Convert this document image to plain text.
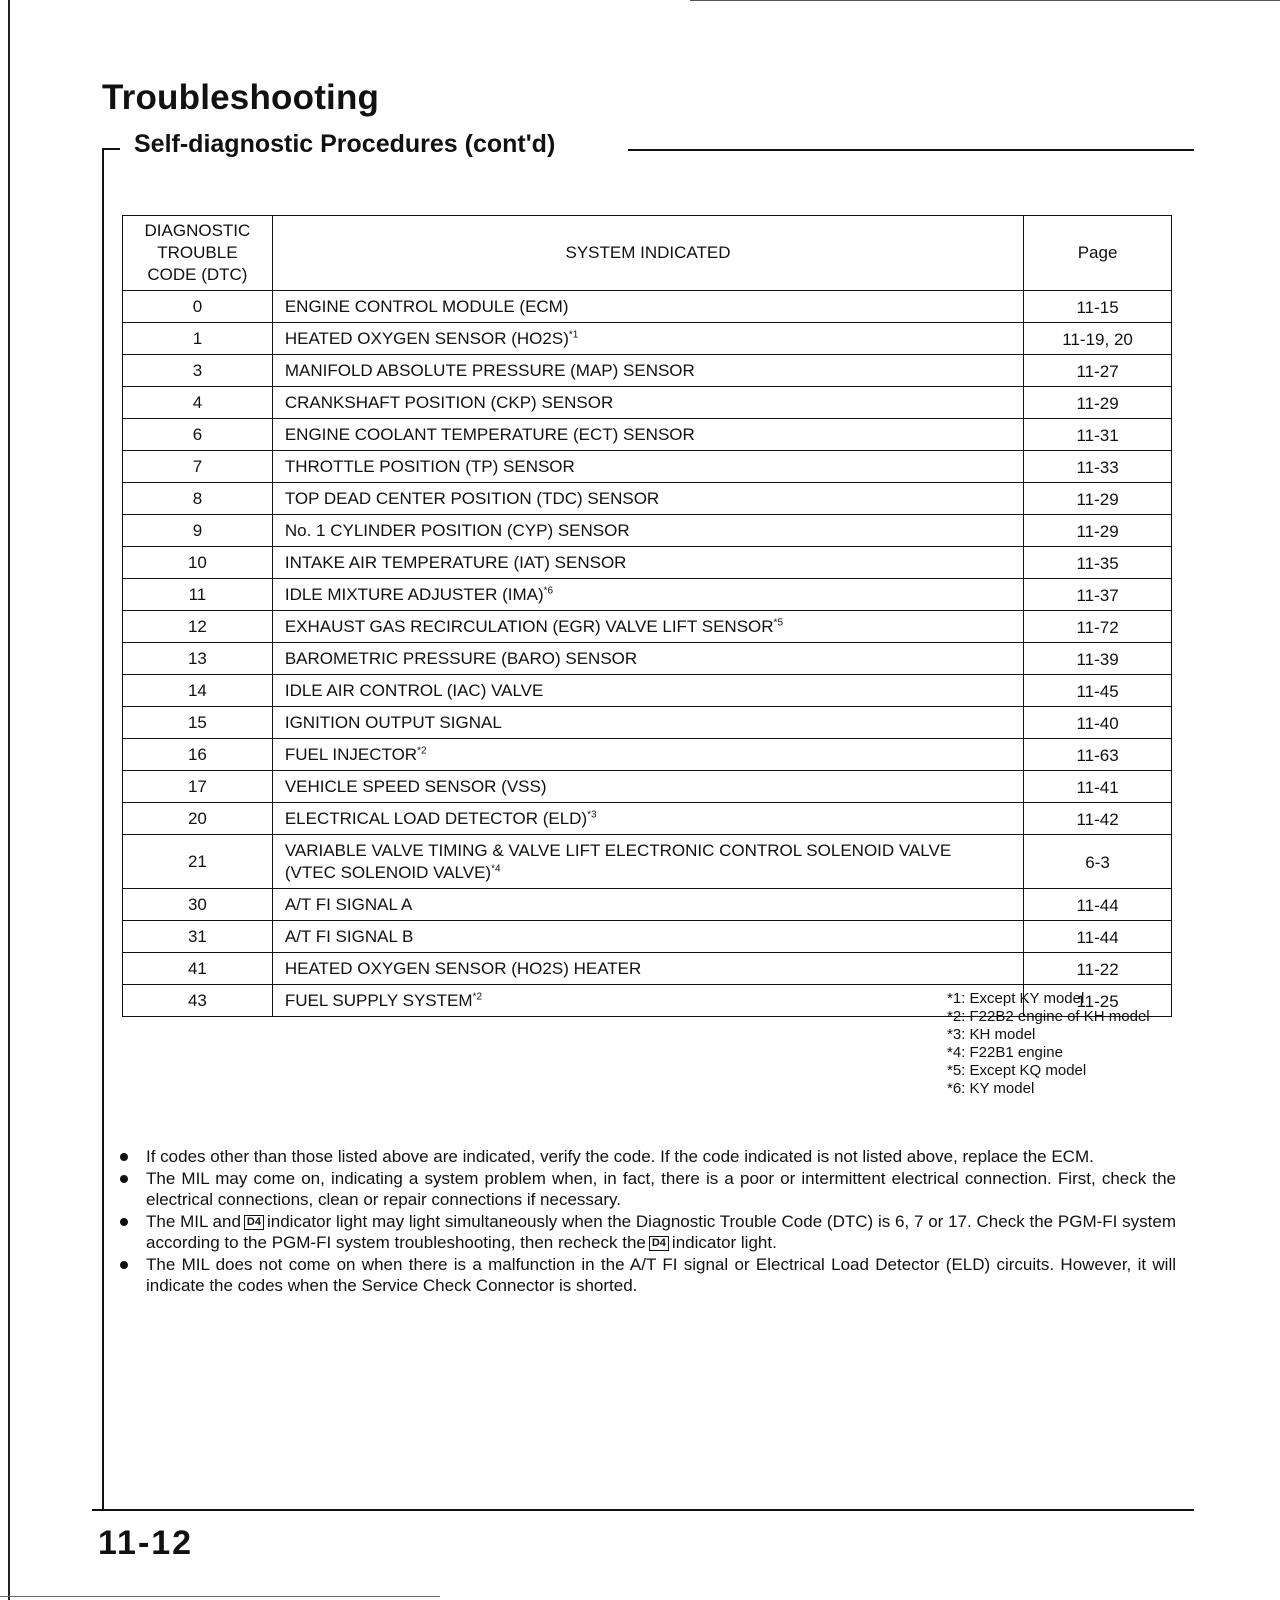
Troubleshooting
Self-diagnostic Procedures (cont'd)
DIAGNOSTIC
TROUBLE
CODE (DTC)	SYSTEM INDICATED	Page
0	ENGINE CONTROL MODULE (ECM)	11-15
1	HEATED OXYGEN SENSOR (HO2S)$^{*1}$	11-19, 20
3	MANIFOLD ABSOLUTE PRESSURE (MAP) SENSOR	11-27
4	CRANKSHAFT POSITION (CKP) SENSOR	11-29
6	ENGINE COOLANT TEMPERATURE (ECT) SENSOR	11-31
7	THROTTLE POSITION (TP) SENSOR	11-33
8	TOP DEAD CENTER POSITION (TDC) SENSOR	11-29
9	No. 1 CYLINDER POSITION (CYP) SENSOR	11-29
10	INTAKE AIR TEMPERATURE (IAT) SENSOR	11-35
11	IDLE MIXTURE ADJUSTER (IMA)$^{*6}$	11-37
12	EXHAUST GAS RECIRCULATION (EGR) VALVE LIFT SENSOR$^{*5}$	11-72
13	BAROMETRIC PRESSURE (BARO) SENSOR	11-39
14	IDLE AIR CONTROL (IAC) VALVE	11-45
15	IGNITION OUTPUT SIGNAL	11-40
16	FUEL INJECTOR$^{*2}$	11-63
17	VEHICLE SPEED SENSOR (VSS)	11-41
20	ELECTRICAL LOAD DETECTOR (ELD)$^{*3}$	11-42
21	VARIABLE VALVE TIMING & VALVE LIFT ELECTRONIC CONTROL SOLENOID VALVE
(VTEC SOLENOID VALVE)$^{*4}$	6-3
30	A/T FI SIGNAL A	11-44
31	A/T FI SIGNAL B	11-44
41	HEATED OXYGEN SENSOR (HO2S) HEATER	11-22
43	FUEL SUPPLY SYSTEM$^{*2}$	11-25
*1: Except KY model
*2: F22B2 engine of KH model
*3: KH model
*4: F22B1 engine
*5: Except KQ model
*6: KY model
If codes other than those listed above are indicated, verify the code. If the code indicated is not listed above, replace the ECM.
The MIL may come on, indicating a system problem when, in fact, there is a poor or intermittent electrical connection. First, check the electrical connections, clean or repair connections if necessary.
The MIL and D4 indicator light may light simultaneously when the Diagnostic Trouble Code (DTC) is 6, 7 or 17. Check the PGM-FI system according to the PGM-FI system troubleshooting, then recheck the D4 indicator light.
The MIL does not come on when there is a malfunction in the A/T FI signal or Electrical Load Detector (ELD) circuits. However, it will indicate the codes when the Service Check Connector is shorted.
11-12
